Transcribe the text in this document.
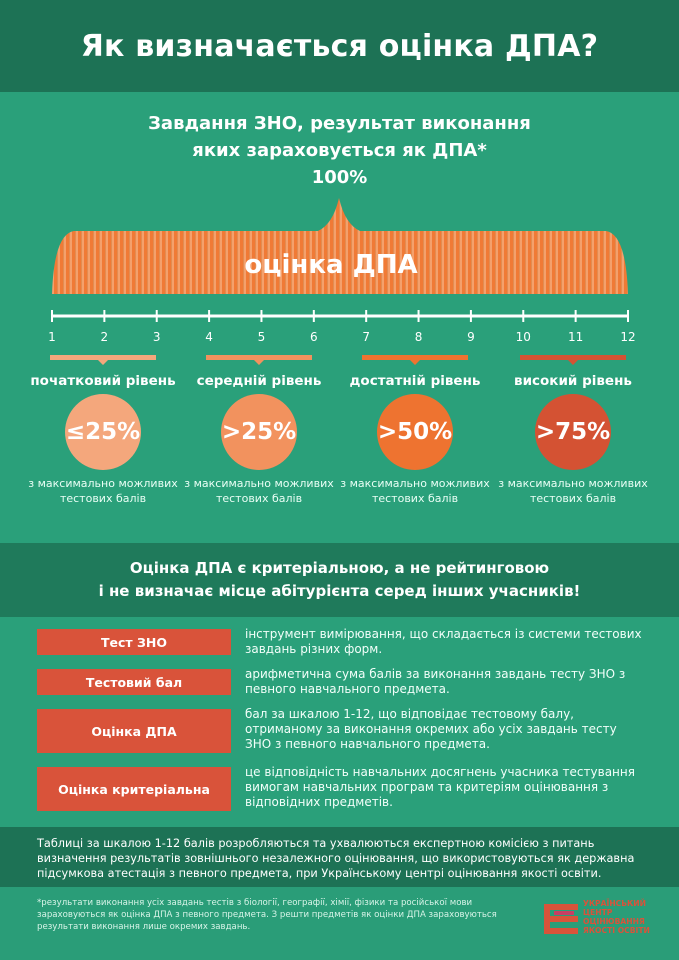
Як визначається оцінка ДПА?
Завдання ЗНО, результат виконання
яких зараховується як ДПА*
100%
оцінка ДПА
1	2	3	4	5	6	7	8	9	10	11	12
початковий рівень
≤25%
з максимально можливих тестових балів
середній рівень
>25%
з максимально можливих тестових балів
достатній рівень
>50%
з максимально можливих тестових балів
високий рівень
>75%
з максимально можливих тестових балів

Оцінка ДПА є критеріальною, а не рейтинговою
і не визначає місце абітурієнта серед інших учасників!

Тест ЗНО
інструмент вимірювання, що складається із системи тестових завдань різних форм.
Тестовий бал
арифметична сума балів за виконання завдань тесту ЗНО з певного навчального предмета.
Оцінка ДПА
бал за шкалою 1-12, що відповідає тестовому балу, отриманому за виконання окремих або усіх завдань тесту ЗНО з певного навчального предмета.
Оцінка критеріальна
це відповідність навчальних досягнень учасника тестування вимогам навчальних програм та критеріям оцінювання з відповідних предметів.

Таблиці за шкалою 1-12 балів розробляються та ухвалюються експертною комісією з питань визначення результатів зовнішнього незалежного оцінювання, що використовуються як державна підсумкова атестація з певного предмета, при Українському центрі оцінювання якості освіти.

*результати виконання усіх завдань тестів з біології, географії, хімії, фізики та російської мови зараховуються як оцінка ДПА з певного предмета. З решти предметів як оцінки ДПА зараховуються результати виконання лише окремих завдань.

УКРАЇНСЬКИЙ ЦЕНТР ОЦІНЮВАННЯ ЯКОСТІ ОСВІТИ
